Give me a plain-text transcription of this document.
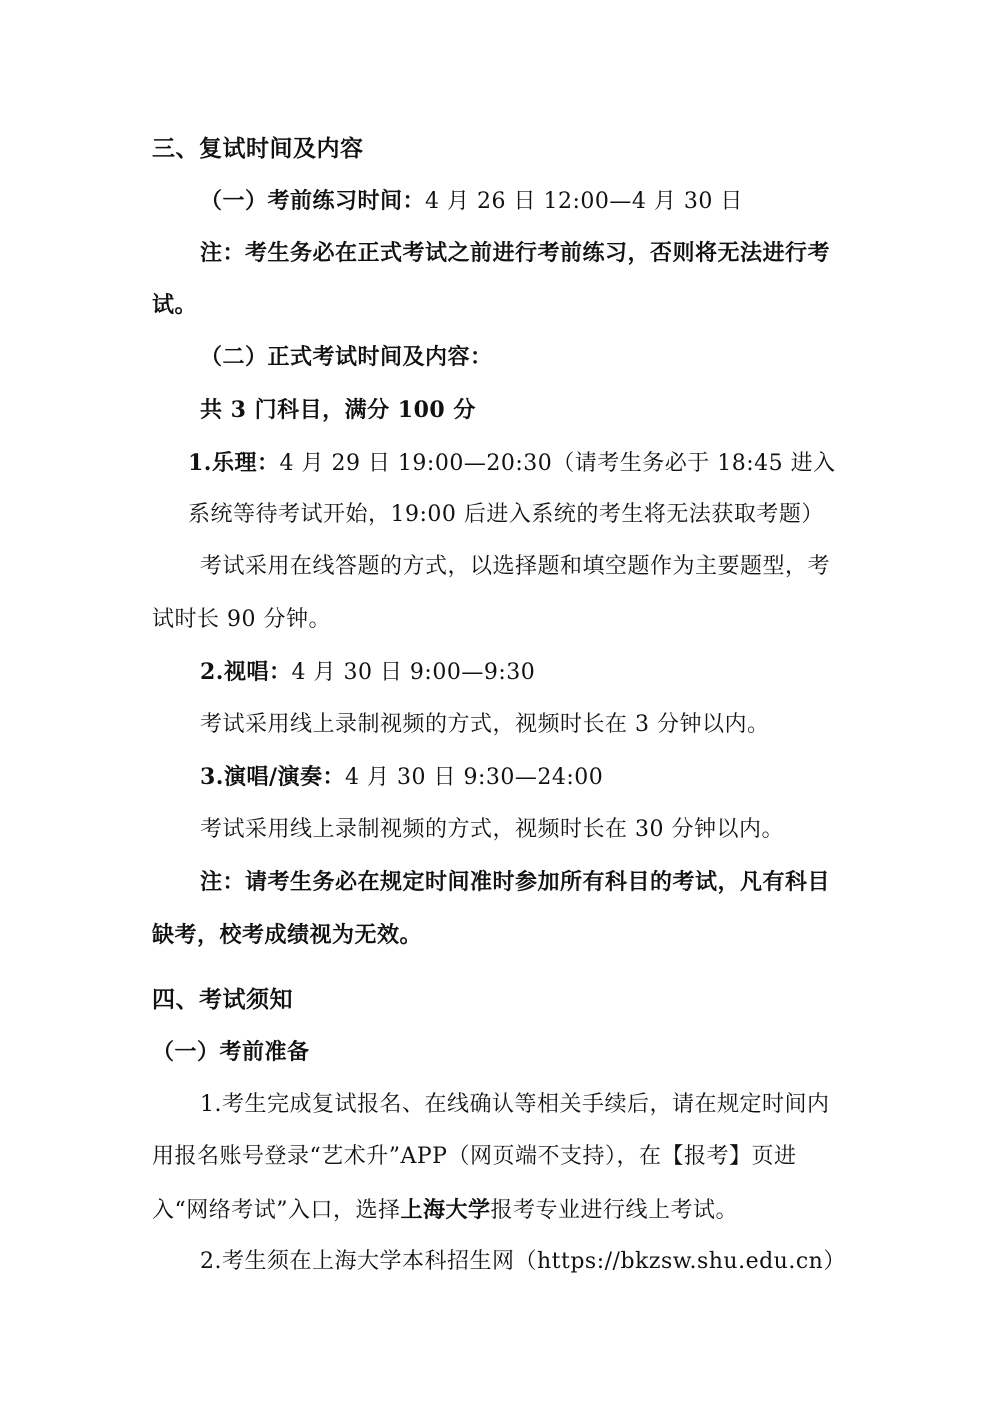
三、复试时间及内容
（一）考前练习时间：4 月 26 日 12:00—4 月 30 日
注：考生务必在正式考试之前进行考前练习，否则将无法进行考
试。
（二）正式考试时间及内容：
共 3 门科目，满分 100 分
1.乐理：4 月 29 日 19:00—20:30（请考生务必于 18:45 进入
系统等待考试开始，19:00 后进入系统的考生将无法获取考题）
考试采用在线答题的方式，以选择题和填空题作为主要题型，考
试时长 90 分钟。
2.视唱：4 月 30 日 9:00—9:30
考试采用线上录制视频的方式，视频时长在 3 分钟以内。
3.演唱/演奏：4 月 30 日 9:30—24:00
考试采用线上录制视频的方式，视频时长在 30 分钟以内。
注：请考生务必在规定时间准时参加所有科目的考试，凡有科目
缺考，校考成绩视为无效。
四、考试须知
（一）考前准备
1.考生完成复试报名、在线确认等相关手续后，请在规定时间内
用报名账号登录“艺术升”APP（网页端不支持），在【报考】页进
入“网络考试”入口，选择上海大学报考专业进行线上考试。
2.考生须在上海大学本科招生网（https://bkzsw.shu.edu.cn）
